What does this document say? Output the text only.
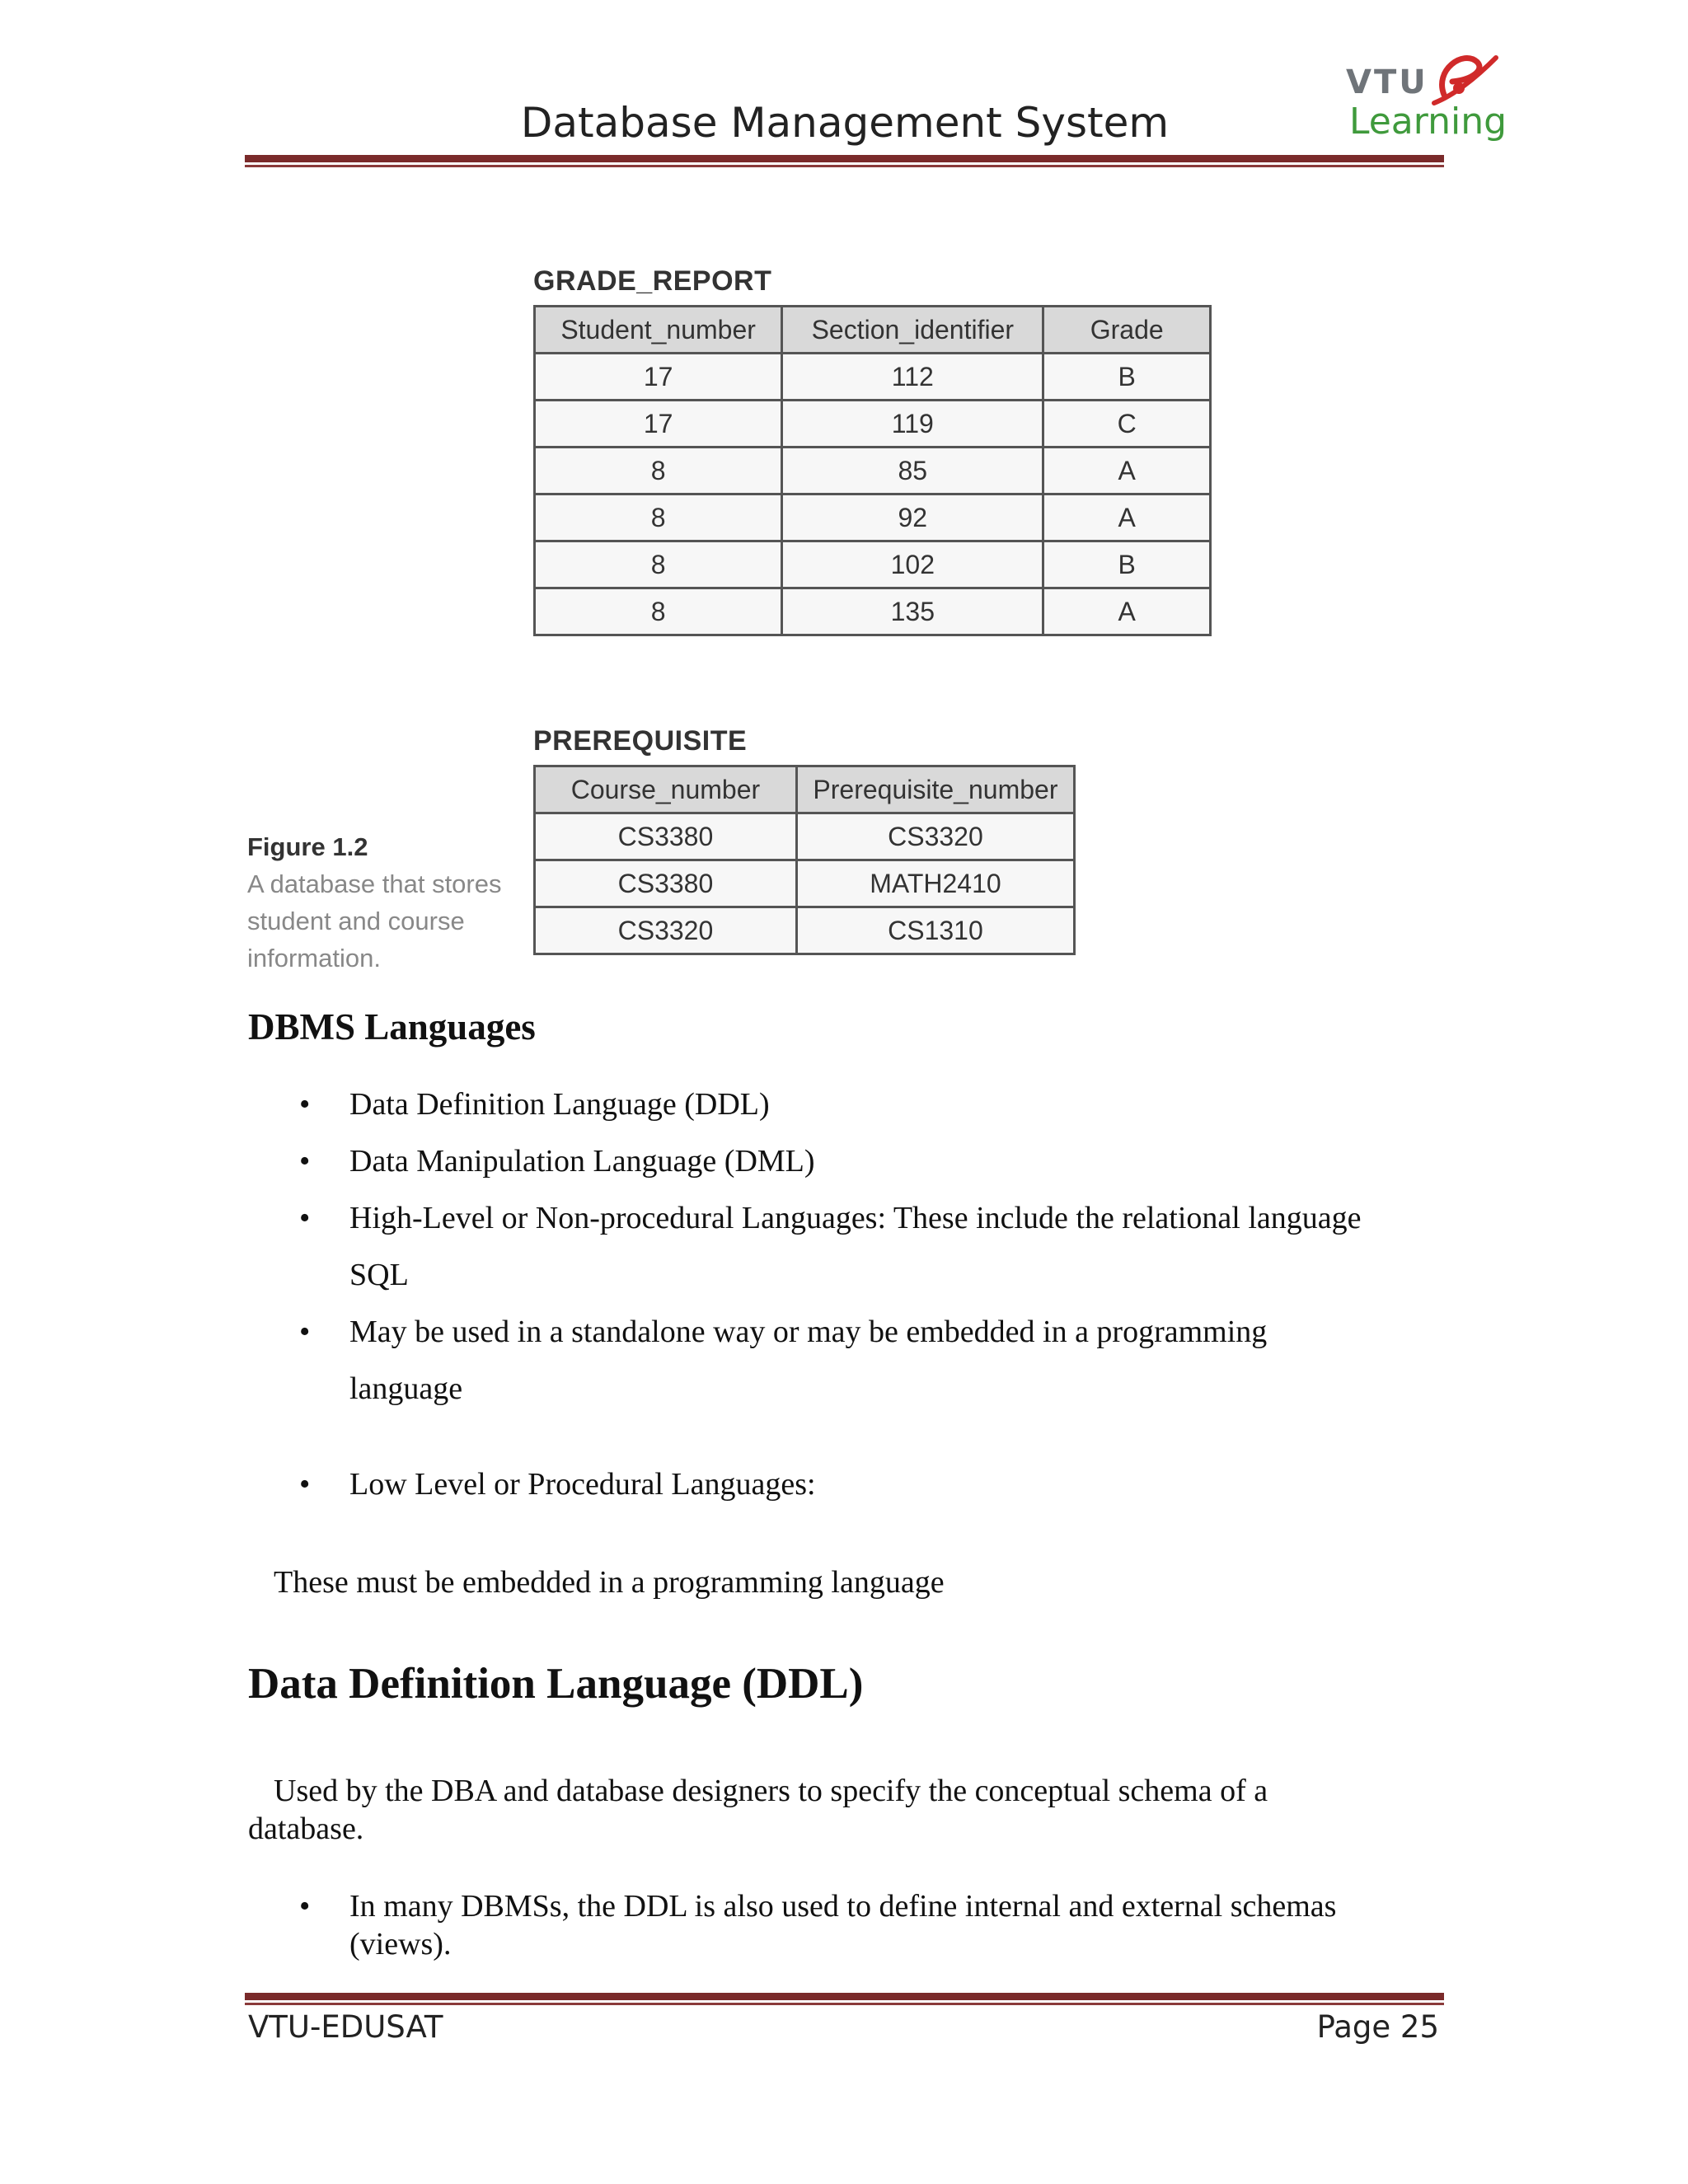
Database Management System
VTU
Learning
GRADE_REPORT
Student_number	Section_identifier	Grade
17	112	B
17	119	C
8	85	A
8	92	A
8	102	B
8	135	A
PREREQUISITE
Course_number	Prerequisite_number
CS3380	CS3320
CS3380	MATH2410
CS3320	CS1310
Figure 1.2
A database that stores
student and course
information.
DBMS Languages
• Data Definition Language (DDL)
• Data Manipulation Language (DML)
• High-Level or Non-procedural Languages: These include the relational language
SQL
• May be used in a standalone way or may be embedded in a programming
language
• Low Level or Procedural Languages:
These must be embedded in a programming language
Data Definition Language (DDL)
Used by the DBA and database designers to specify the conceptual schema of a
database.
• In many DBMSs, the DDL is also used to define internal and external schemas
(views).
VTU-EDUSAT	Page 25
